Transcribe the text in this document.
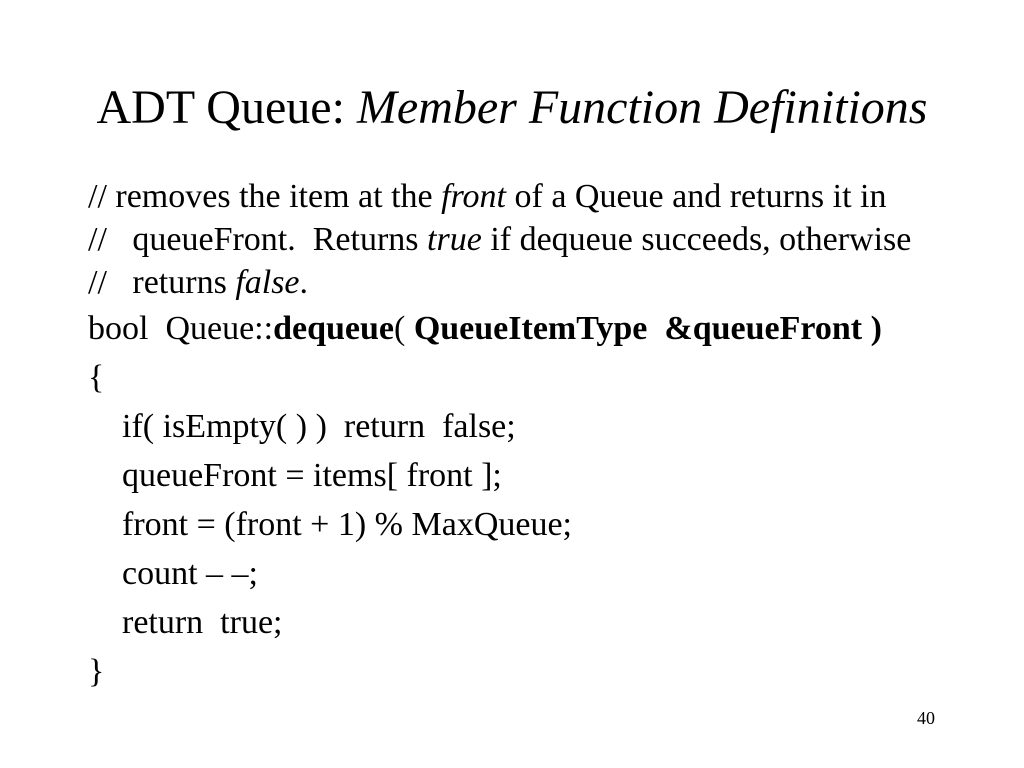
ADT Queue: Member Function Definitions
// removes the item at the front of a Queue and returns it in
//   queueFront.  Returns true if dequeue succeeds, otherwise
//   returns false.
bool  Queue::dequeue( QueueItemType  &queueFront )
{
if( isEmpty( ) )  return  false;
queueFront = items[ front ];
front = (front + 1) % MaxQueue;
count – –;
return  true;
}
40
